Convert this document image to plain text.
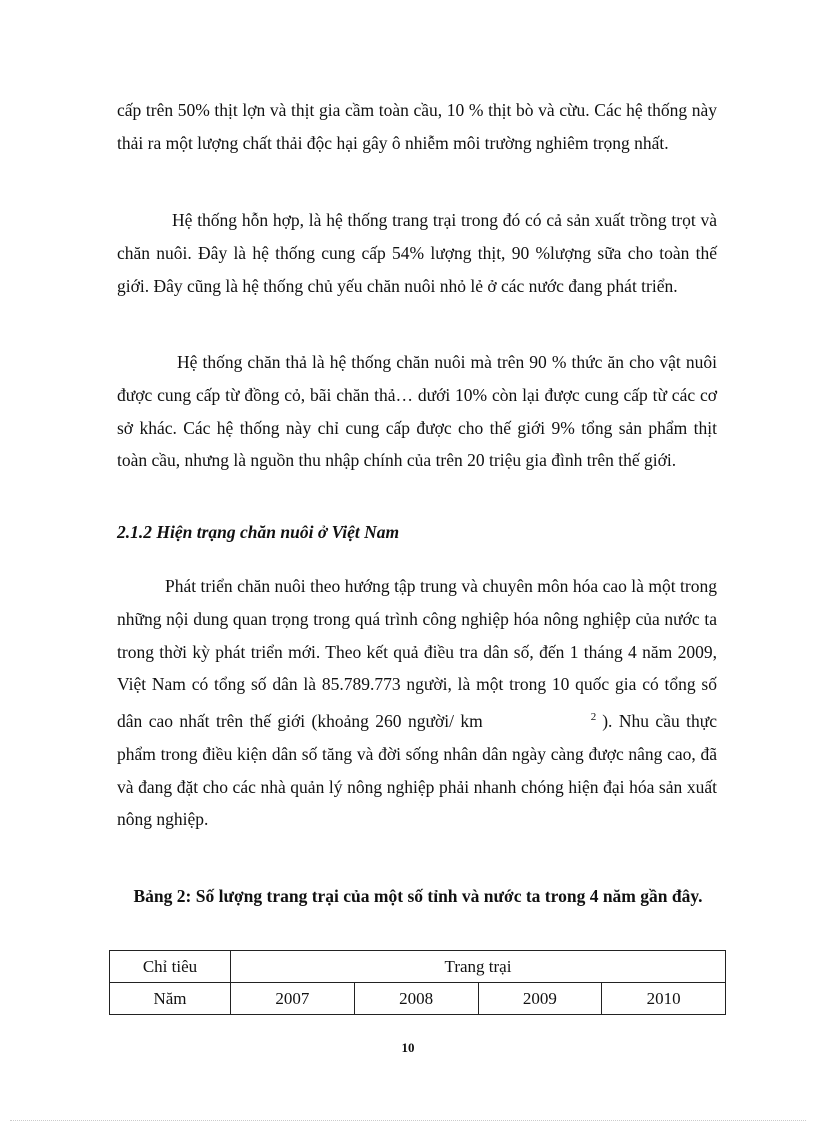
cấp trên 50% thịt lợn và thịt gia cầm toàn cầu, 10 % thịt bò và cừu. Các hệ thống này thải ra một lượng chất thải độc hại gây ô nhiễm môi trường nghiêm trọng nhất.

Hệ thống hỗn hợp, là hệ thống trang trại trong đó có cả sản xuất trồng trọt và chăn nuôi. Đây là hệ thống cung cấp 54% lượng thịt, 90 %lượng sữa cho toàn thế giới. Đây cũng là hệ thống chủ yếu chăn nuôi nhỏ lẻ ở các nước đang phát triển.

Hệ thống chăn thả là hệ thống chăn nuôi mà trên 90 % thức ăn cho vật nuôi được cung cấp từ đồng cỏ, bãi chăn thả… dưới 10% còn lại được cung cấp từ các cơ sở khác. Các hệ thống này chỉ cung cấp được cho thế giới 9% tổng sản phẩm thịt toàn cầu, nhưng là nguồn thu nhập chính của trên 20 triệu gia đình trên thế giới.

2.1.2 Hiện trạng chăn nuôi ở Việt Nam

Phát triển chăn nuôi theo hướng tập trung và chuyên môn hóa cao là một trong những nội dung quan trọng trong quá trình công nghiệp hóa nông nghiệp của nước ta trong thời kỳ phát triển mới. Theo kết quả điều tra dân số, đến 1 tháng 4 năm 2009, Việt Nam có tổng số dân là 85.789.773 người, là một trong 10 quốc gia có tổng số dân cao nhất trên thế giới (khoảng 260 người/ km	$^2$ ). Nhu cầu thực phẩm trong điều kiện dân số tăng và đời sống nhân dân ngày càng được nâng cao, đã và đang đặt cho các nhà quản lý nông nghiệp phải nhanh chóng hiện đại hóa sản xuất nông nghiệp.

Bảng 2: Số lượng trang trại của một số tỉnh và nước ta trong 4 năm gần đây.

Chỉ tiêu	Trang trại			
Năm	2007	2008	2009	2010
10
